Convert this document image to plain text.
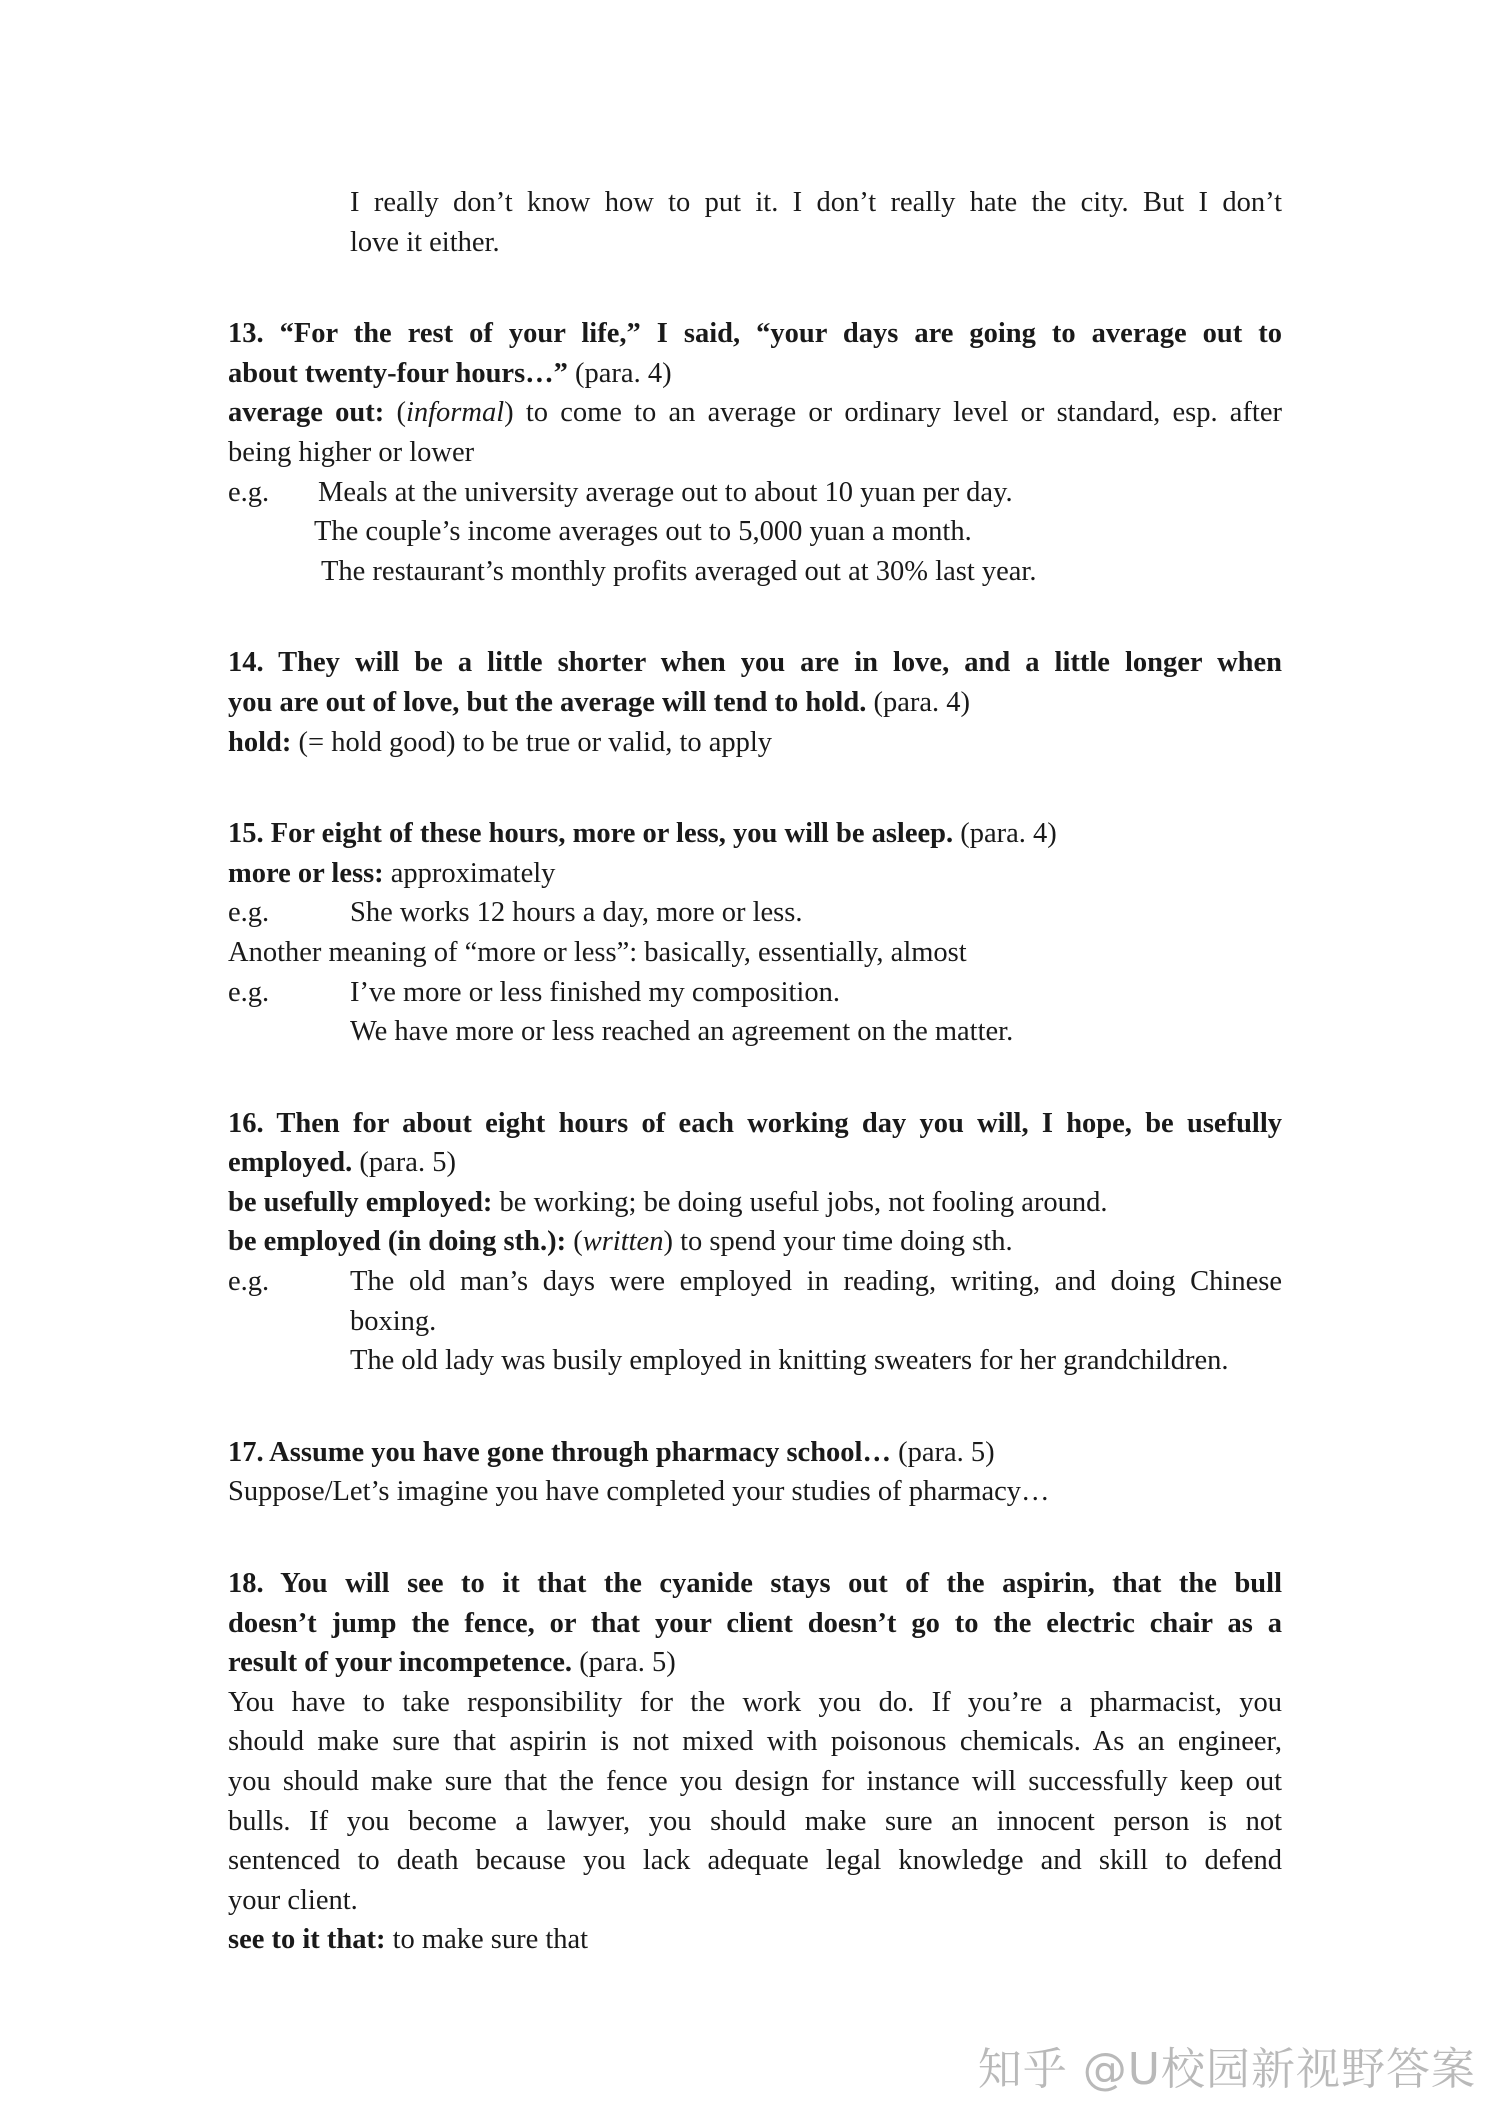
I really don’t know how to put it. I don’t really hate the city. But I don’t
love it either.
13. “For the rest of your life,” I said, “your days are going to average out to
about twenty-four hours…” (para. 4)
average out: (informal) to come to an average or ordinary level or standard, esp. after
being higher or lower
e.g.	Meals at the university average out to about 10 yuan per day.
The couple’s income averages out to 5,000 yuan a month.
The restaurant’s monthly profits averaged out at 30% last year.
14. They will be a little shorter when you are in love, and a little longer when
you are out of love, but the average will tend to hold. (para. 4)
hold: (= hold good) to be true or valid, to apply
15. For eight of these hours, more or less, you will be asleep. (para. 4)
more or less: approximately
e.g.	She works 12 hours a day, more or less.
Another meaning of “more or less”: basically, essentially, almost
e.g.	I’ve more or less finished my composition.
We have more or less reached an agreement on the matter.
16. Then for about eight hours of each working day you will, I hope, be usefully
employed. (para. 5)
be usefully employed: be working; be doing useful jobs, not fooling around.
be employed (in doing sth.): (written) to spend your time doing sth.
e.g.	The old man’s days were employed in reading, writing, and doing Chinese
boxing.
The old lady was busily employed in knitting sweaters for her grandchildren.
17. Assume you have gone through pharmacy school… (para. 5)
Suppose/Let’s imagine you have completed your studies of pharmacy…
18. You will see to it that the cyanide stays out of the aspirin, that the bull
doesn’t jump the fence, or that your client doesn’t go to the electric chair as a
result of your incompetence. (para. 5)
You have to take responsibility for the work you do. If you’re a pharmacist, you
should make sure that aspirin is not mixed with poisonous chemicals. As an engineer,
you should make sure that the fence you design for instance will successfully keep out
bulls. If you become a lawyer, you should make sure an innocent person is not
sentenced to death because you lack adequate legal knowledge and skill to defend
your client.
see to it that: to make sure that
知乎 @U校园新视野答案
